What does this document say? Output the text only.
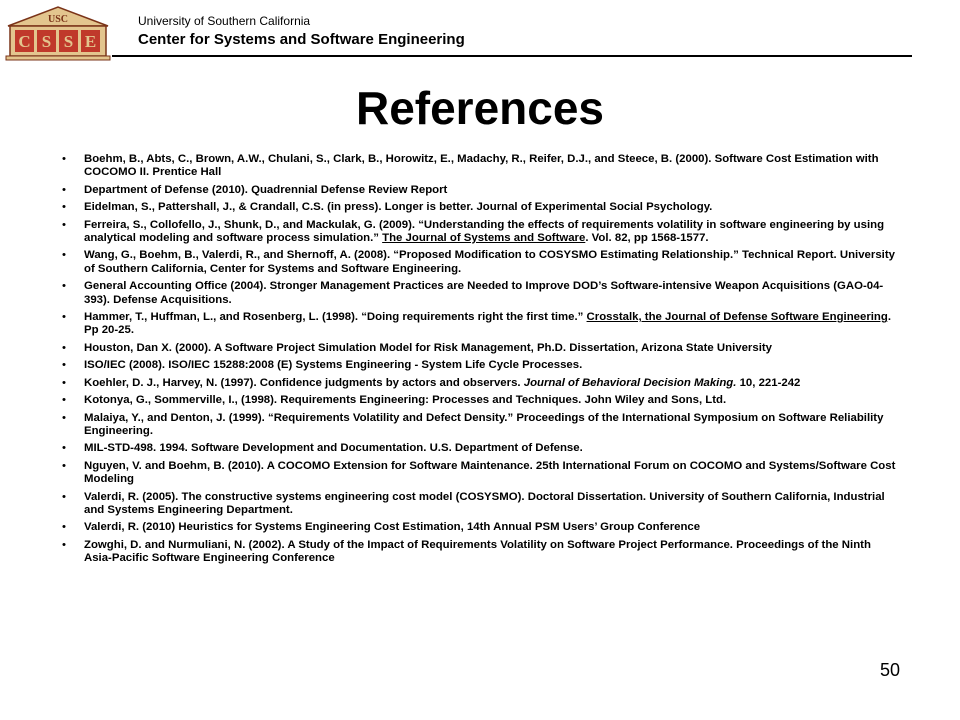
USC
C S S E
University of Southern California
Center for Systems and Software Engineering
References
• Boehm, B., Abts, C., Brown, A.W., Chulani, S., Clark, B., Horowitz, E., Madachy, R., Reifer, D.J., and Steece, B. (2000). Software Cost Estimation with COCOMO II. Prentice Hall
• Department of Defense (2010). Quadrennial Defense Review Report
• Eidelman, S., Pattershall, J., & Crandall, C.S. (in press). Longer is better. Journal of Experimental Social Psychology.
• Ferreira, S., Collofello, J., Shunk, D., and Mackulak, G. (2009). “Understanding the effects of requirements volatility in software engineering by using analytical modeling and software process simulation.” The Journal of Systems and Software. Vol. 82, pp 1568-1577.
• Wang, G., Boehm, B., Valerdi, R., and Shernoff, A. (2008). “Proposed Modification to COSYSMO Estimating Relationship.” Technical Report. University of Southern California, Center for Systems and Software Engineering.
• General Accounting Office (2004). Stronger Management Practices are Needed to Improve DOD’s Software-intensive Weapon Acquisitions (GAO-04-393). Defense Acquisitions.
• Hammer, T., Huffman, L., and Rosenberg, L. (1998). “Doing requirements right the first time.” Crosstalk, the Journal of Defense Software Engineering. Pp 20-25.
• Houston, Dan X. (2000). A Software Project Simulation Model for Risk Management, Ph.D. Dissertation, Arizona State University
• ISO/IEC (2008). ISO/IEC 15288:2008 (E) Systems Engineering - System Life Cycle Processes.
• Koehler, D. J., Harvey, N. (1997). Confidence judgments by actors and observers. Journal of Behavioral Decision Making. 10, 221-242
• Kotonya, G., Sommerville, I., (1998). Requirements Engineering: Processes and Techniques. John Wiley and Sons, Ltd.
• Malaiya, Y., and Denton, J. (1999). “Requirements Volatility and Defect Density.” Proceedings of the International Symposium on Software Reliability Engineering.
• MIL-STD-498. 1994. Software Development and Documentation. U.S. Department of Defense.
• Nguyen, V. and Boehm, B. (2010). A COCOMO Extension for Software Maintenance. 25th International Forum on COCOMO and Systems/Software Cost Modeling
• Valerdi, R. (2005). The constructive systems engineering cost model (COSYSMO). Doctoral Dissertation. University of Southern California, Industrial and Systems Engineering Department.
• Valerdi, R. (2010) Heuristics for Systems Engineering Cost Estimation, 14th Annual PSM Users’ Group Conference
• Zowghi, D. and Nurmuliani, N. (2002). A Study of the Impact of Requirements Volatility on Software Project Performance. Proceedings of the Ninth Asia-Pacific Software Engineering Conference
50
